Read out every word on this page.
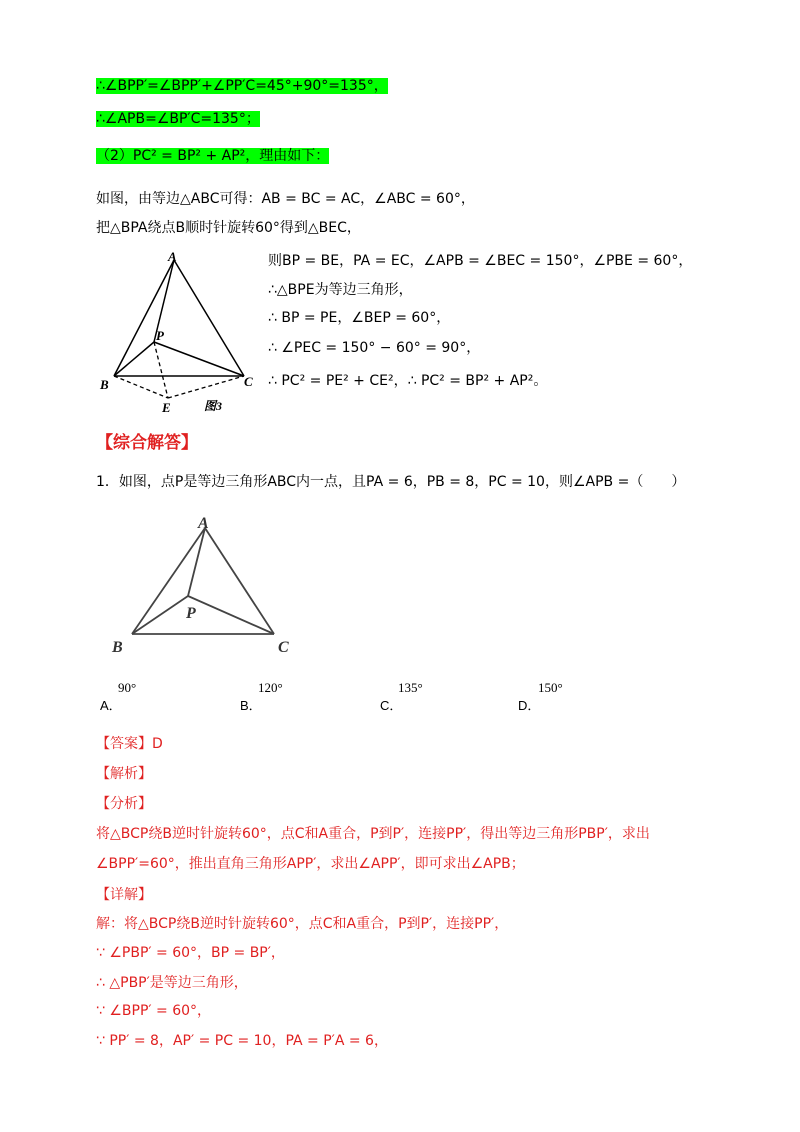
∴∠BPP′=∠BPP′+∠PP′C=45°+90°=135°，
∴∠APB=∠BP′C=135°；
（2）PC² = BP² + AP²，理由如下：
如图，由等边△ABC可得：AB = BC = AC，∠ABC = 60°，
把△BPA绕点B顺时针旋转60°得到△BEC，
则BP = BE，PA = EC，∠APB = ∠BEC = 150°，∠PBE = 60°，
∴△BPE为等边三角形，
∴ BP = PE，∠BEP = 60°，
∴ ∠PEC = 150° − 60° = 90°，
∴ PC² = PE² + CE²，∴ PC² = BP² + AP²。
A
P
B	C
E	图3
【综合解答】
1．如图，点P是等边三角形ABC内一点，且PA = 6，PB = 8，PC = 10，则∠APB =（　　）
A
P
B	C
90°
A．
120°
B．
135°
C．
150°
D．
【答案】D
【解析】
【分析】
将△BCP绕B逆时针旋转60°，点C和A重合，P到P′，连接PP′，得出等边三角形PBP′，求出
∠BPP′=60°，推出直角三角形APP′，求出∠APP′，即可求出∠APB；
【详解】
解：将△BCP绕B逆时针旋转60°，点C和A重合，P到P′，连接PP′，
∵ ∠PBP′ = 60°，BP = BP′，
∴ △PBP′是等边三角形，
∵ ∠BPP′ = 60°，
∵ PP′ = 8，AP′ = PC = 10，PA = P′A = 6，
